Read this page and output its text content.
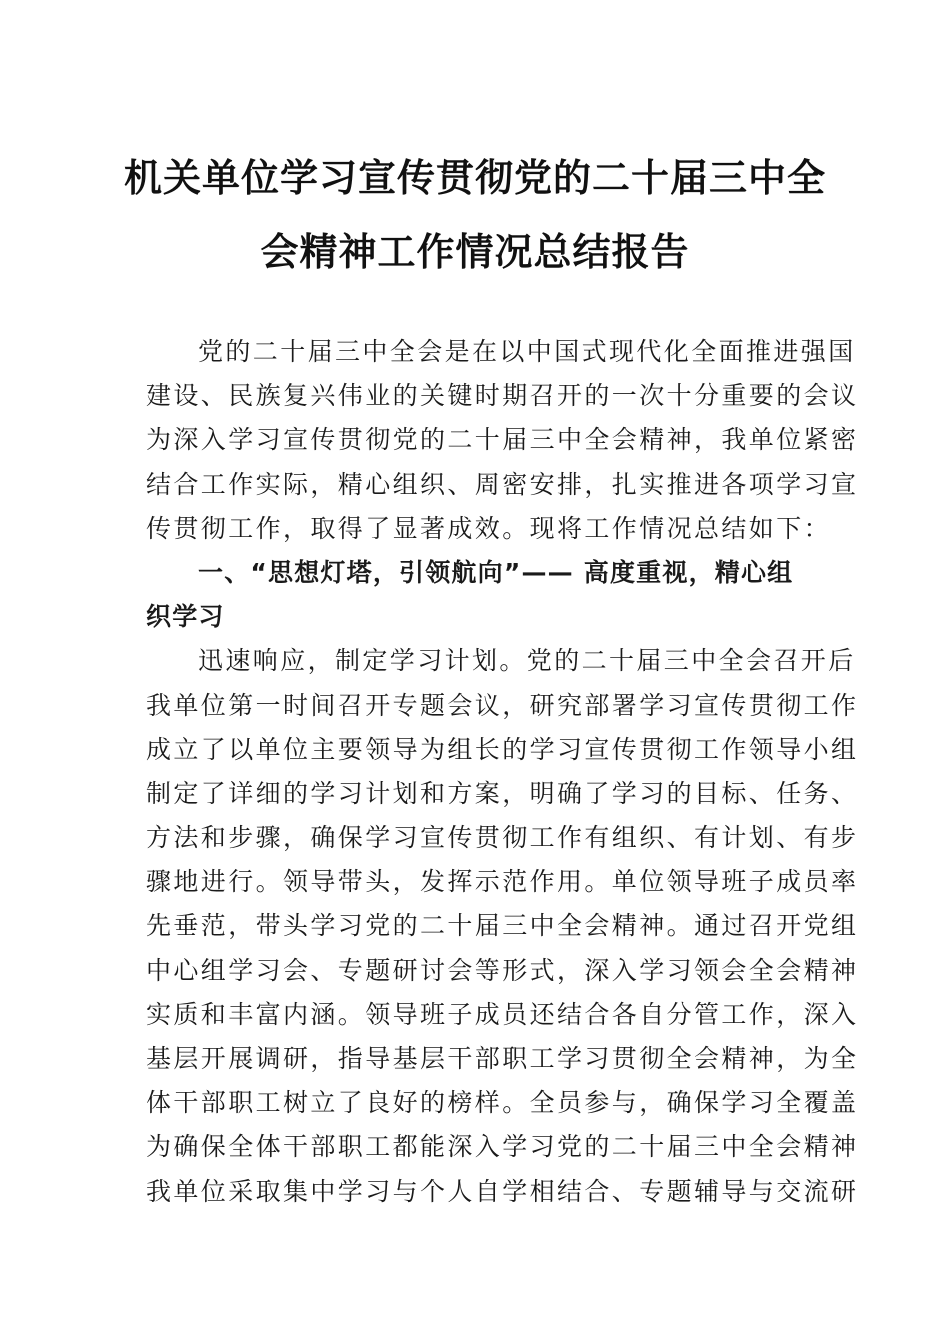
机关单位学习宣传贯彻党的二十届三中全
会精神工作情况总结报告
党的二十届三中全会是在以中国式现代化全面推进强国
建设、民族复兴伟业的关键时期召开的一次十分重要的会议
为深入学习宣传贯彻党的二十届三中全会精神，我单位紧密
结合工作实际，精心组织、周密安排，扎实推进各项学习宣
传贯彻工作，取得了显著成效。现将工作情况总结如下：
一、“思想灯塔，引领航向”—— 高度重视，精心组
织学习
迅速响应，制定学习计划。党的二十届三中全会召开后
我单位第一时间召开专题会议，研究部署学习宣传贯彻工作
成立了以单位主要领导为组长的学习宣传贯彻工作领导小组
制定了详细的学习计划和方案，明确了学习的目标、任务、
方法和步骤，确保学习宣传贯彻工作有组织、有计划、有步
骤地进行。领导带头，发挥示范作用。单位领导班子成员率
先垂范，带头学习党的二十届三中全会精神。通过召开党组
中心组学习会、专题研讨会等形式，深入学习领会全会精神
实质和丰富内涵。领导班子成员还结合各自分管工作，深入
基层开展调研，指导基层干部职工学习贯彻全会精神，为全
体干部职工树立了良好的榜样。全员参与，确保学习全覆盖
为确保全体干部职工都能深入学习党的二十届三中全会精神
我单位采取集中学习与个人自学相结合、专题辅导与交流研
